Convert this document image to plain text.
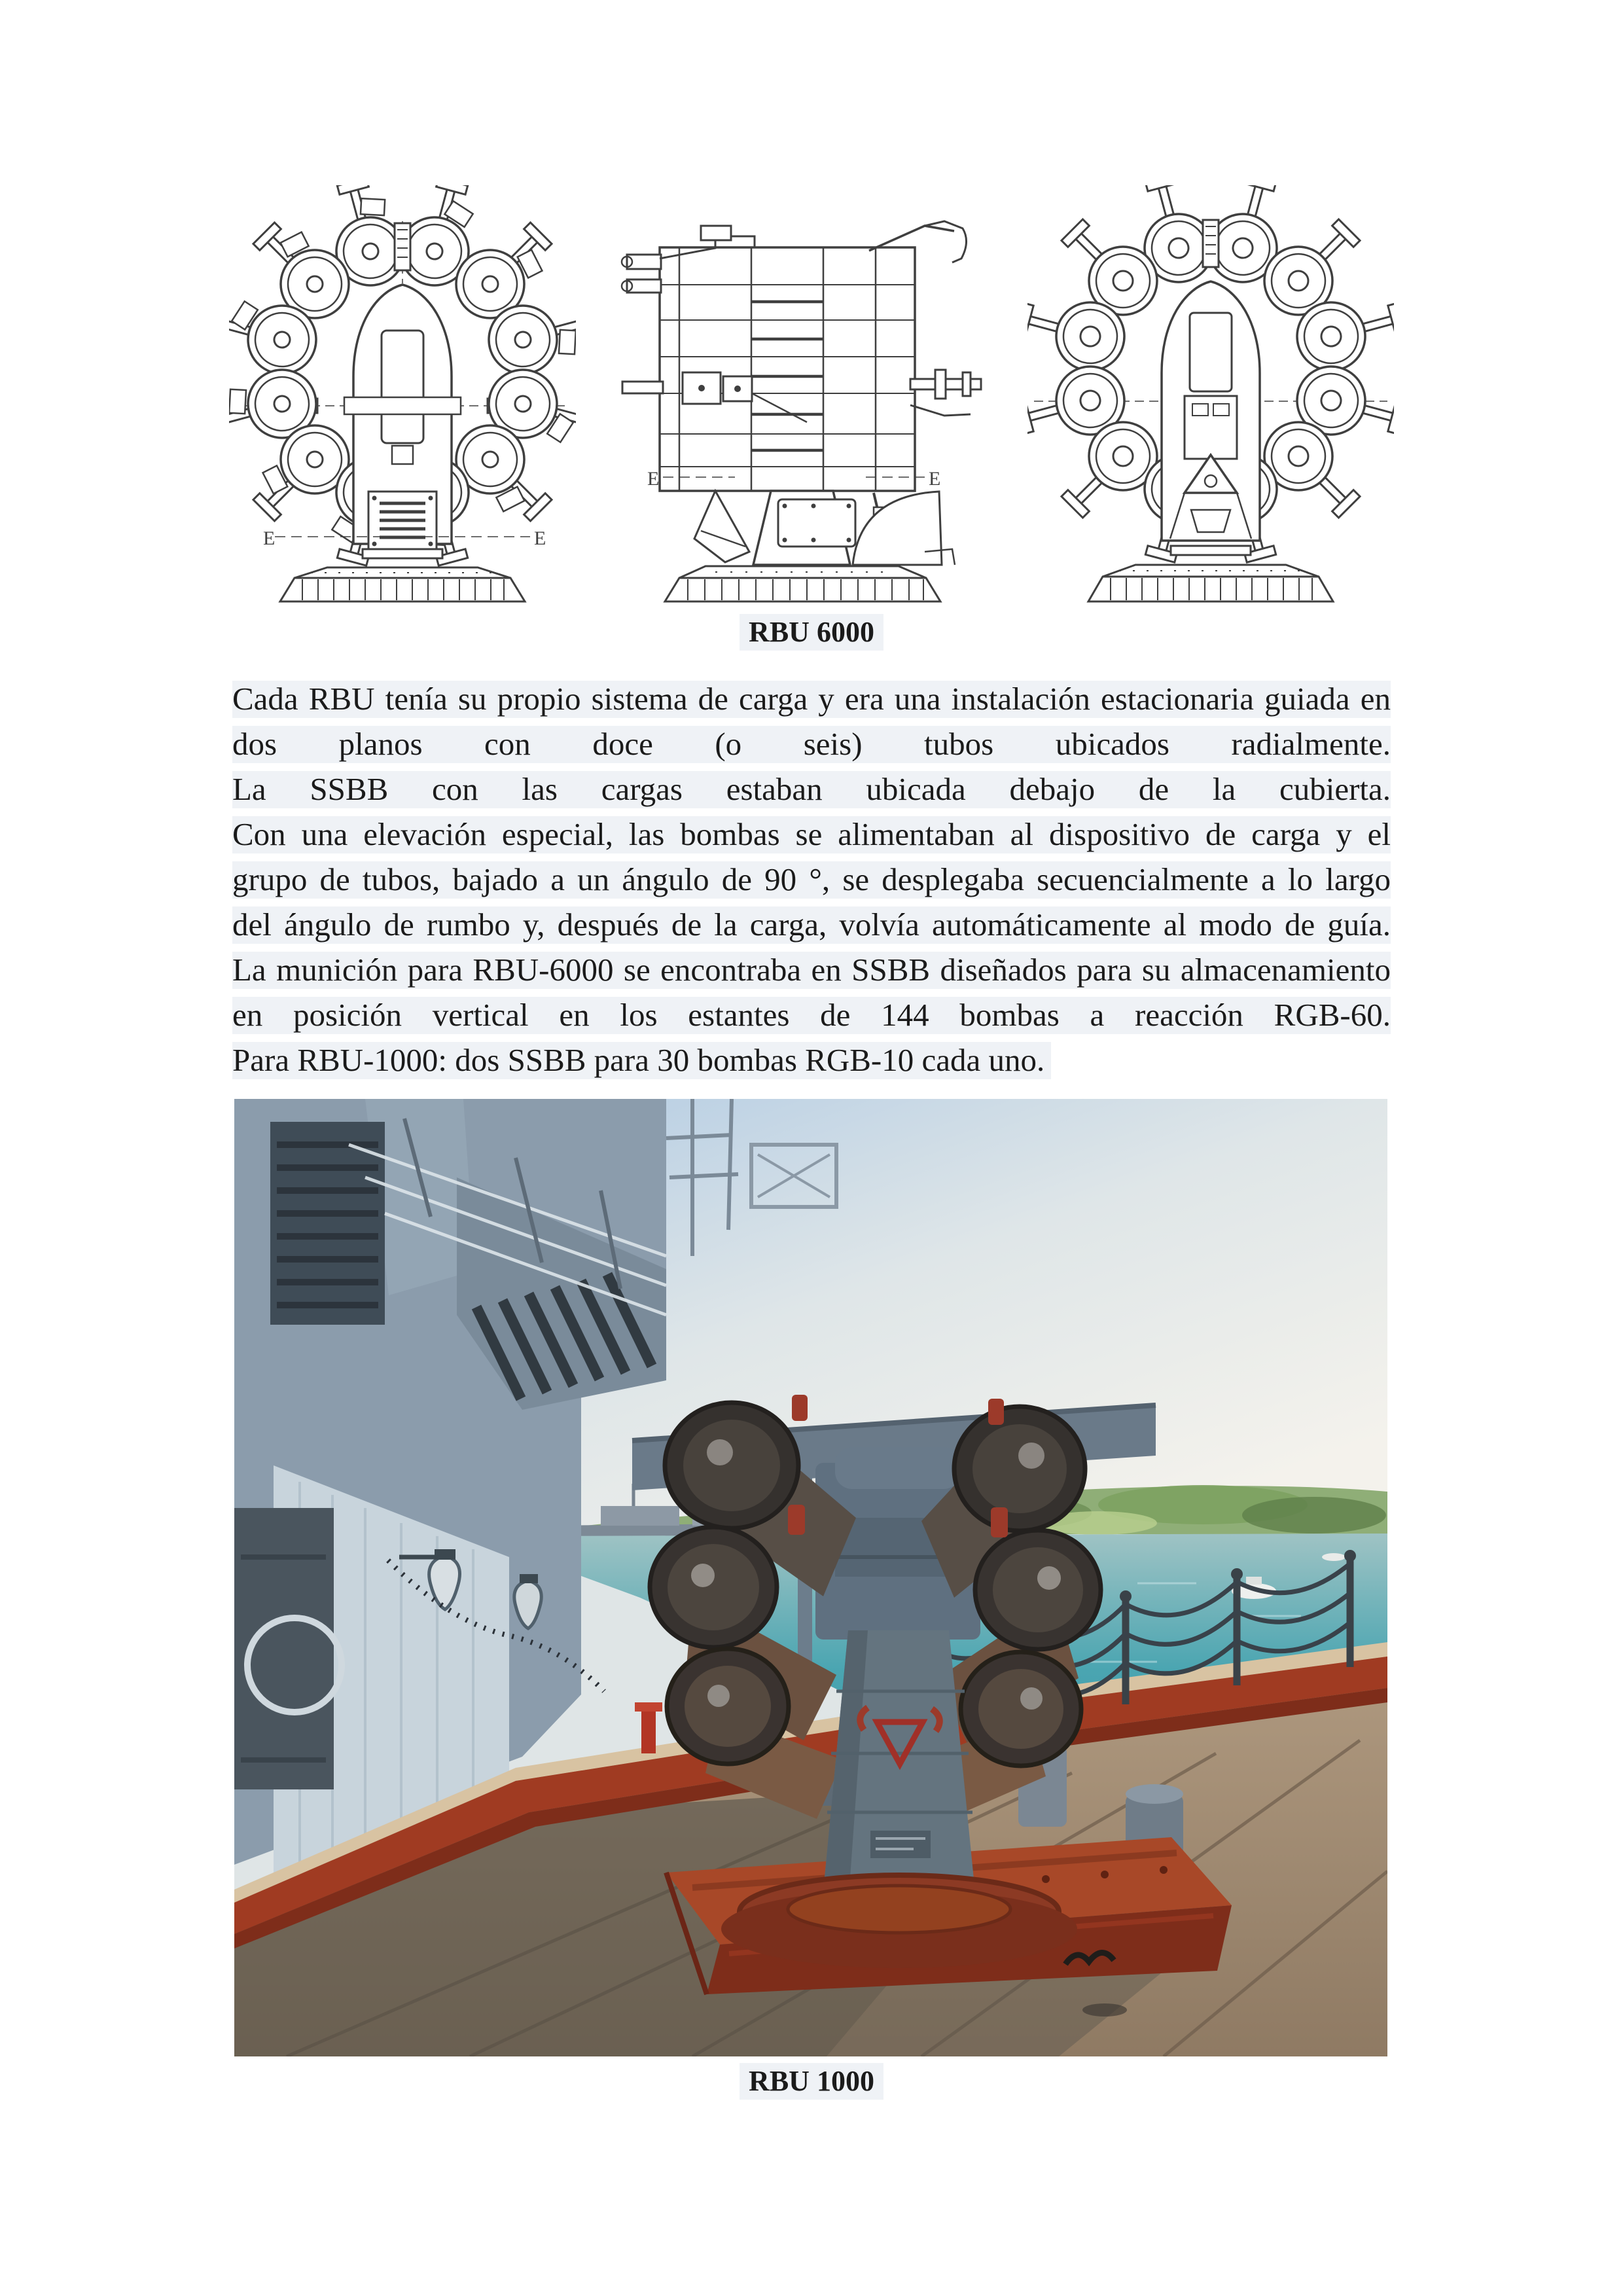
E	E
E	E
RBU 6000
Cada RBU tenía su propio sistema de carga y era una instalación estacionaria guiada en
dos planos con doce (o seis) tubos ubicados radialmente.
La SSBB con las cargas estaban ubicada debajo de la cubierta.
Con una elevación especial, las bombas se alimentaban al dispositivo de carga y el
grupo de tubos, bajado a un ángulo de 90 °, se desplegaba secuencialmente a lo largo
del ángulo de rumbo y, después de la carga, volvía automáticamente al modo de guía.
La munición para RBU-6000 se encontraba en SSBB diseñados para su almacenamiento
en posición vertical en los estantes de 144 bombas a reacción RGB-60.
Para RBU-1000: dos SSBB para 30 bombas RGB-10 cada uno.
RBU 1000
